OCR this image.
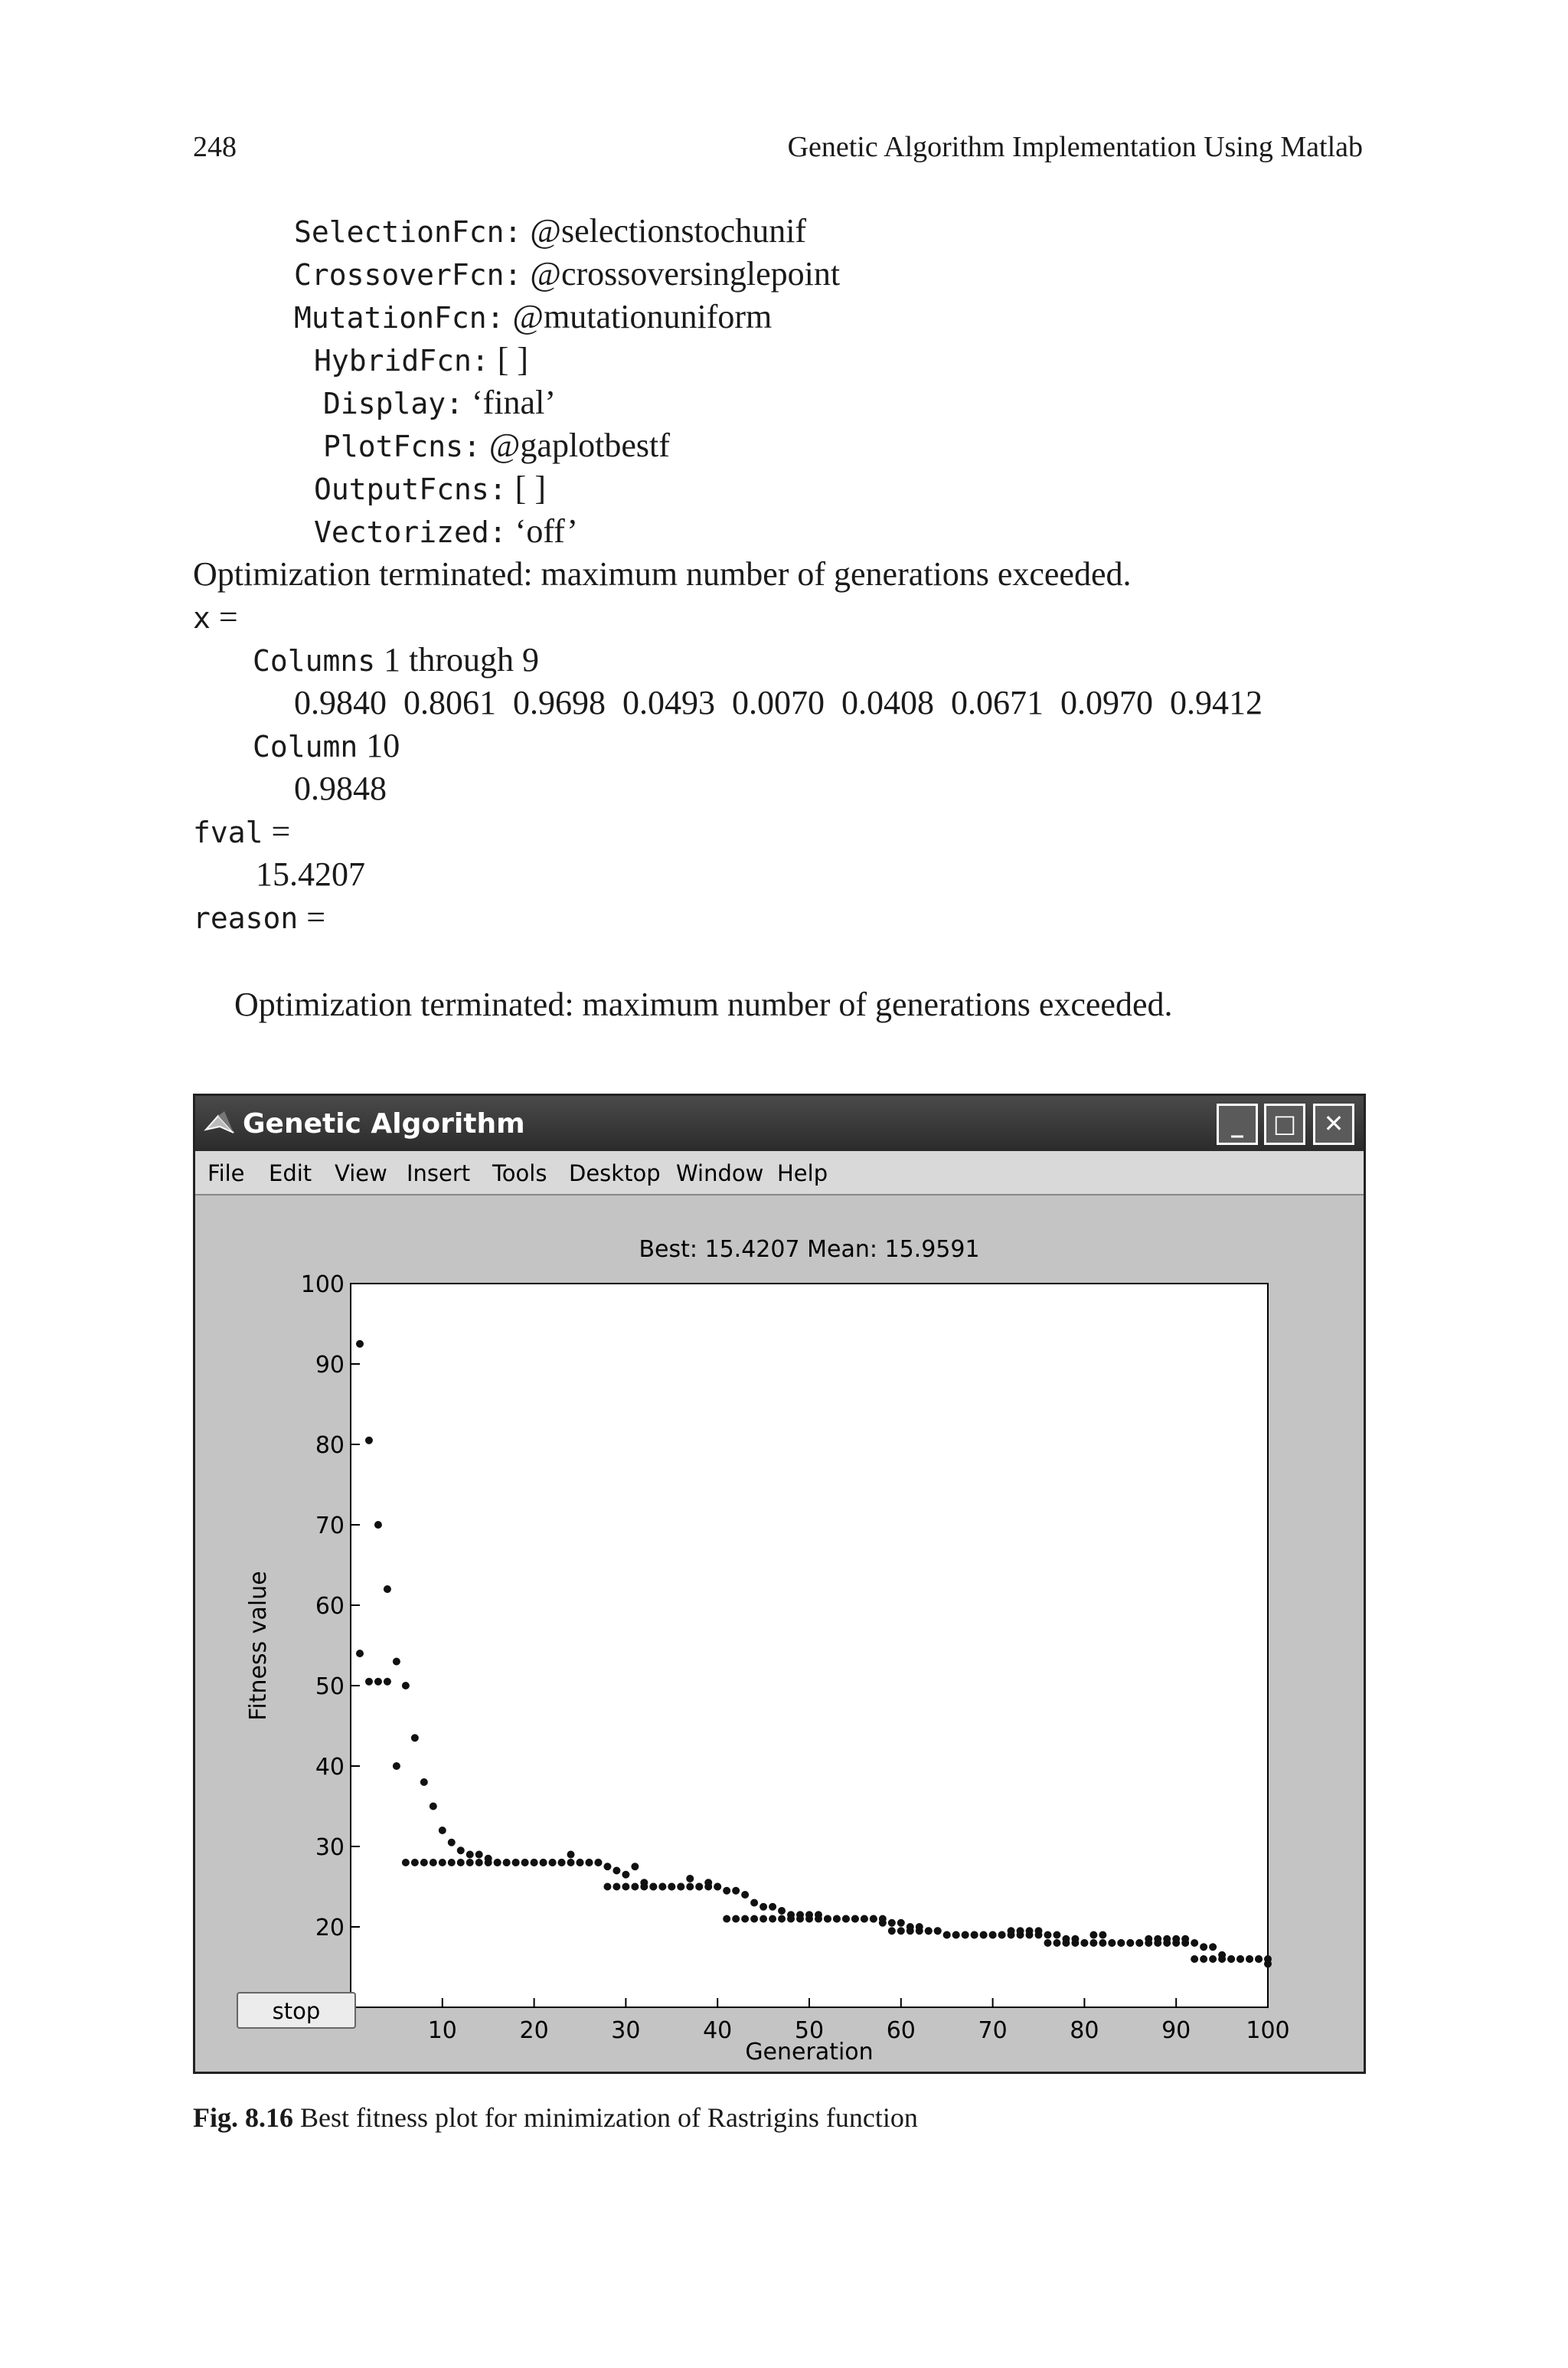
248	Genetic Algorithm Implementation Using Matlab
SelectionFcn: @selectionstochunif
CrossoverFcn: @crossoversinglepoint
MutationFcn: @mutationuniform
HybridFcn: [ ]
Display: ‘final’
PlotFcns: @gaplotbestf
OutputFcns: [ ]
Vectorized: ‘off’
Optimization terminated: maximum number of generations exceeded.
x =
Columns 1 through 9
0.9840  0.8061  0.9698  0.0493  0.0070  0.0408  0.0671  0.0970  0.9412
Column 10
0.9848
fval =
15.4207
reason =
Optimization terminated: maximum number of generations exceeded.
Genetic Algorithm	_	□	✕
File Edit View Insert Tools Desktop Window Help
Best: 15.4207 Mean: 15.9591
20
30
40
50
60
70
80
90
100
10	20	30	40	50	60	70	80	90 100
Generation
Fitness value
stop
Fig. 8.16 Best fitness plot for minimization of Rastrigins function
